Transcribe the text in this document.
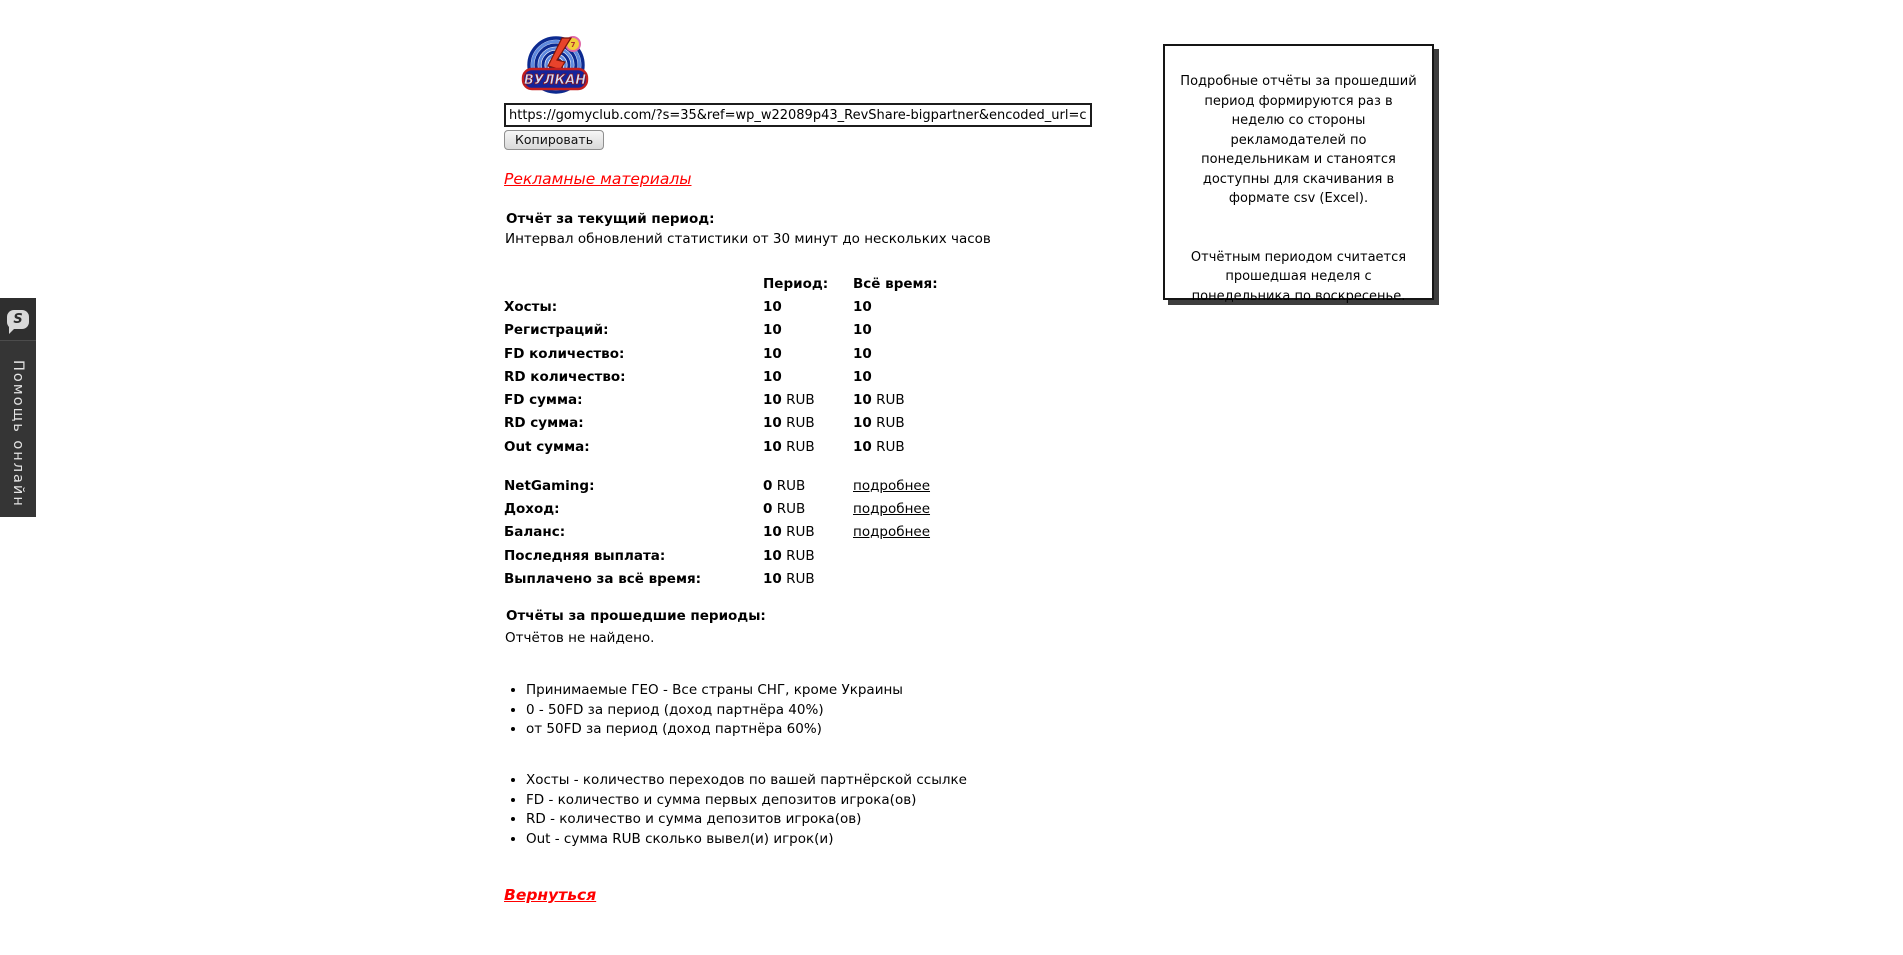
7
ВУЛКАН
https://gomyclub.com/?s=35&ref=wp_w22089p43_RevShare-bigpartner&encoded_url=cmVnaXN
Копировать
Рекламные материалы
Отчёт за текущий период:
Интервал обновлений статистики от 30 минут до нескольких часов
Период:	Всё время:
Хосты:	10	10
Регистраций:	10	10
FD количество:	10	10
RD количество:	10	10
FD сумма:	10 RUB	10 RUB
RD сумма:	10 RUB	10 RUB
Out сумма:	10 RUB	10 RUB
NetGaming:	0 RUB	подробнее
Доход:	0 RUB	подробнее
Баланс:	10 RUB	подробнее
Последняя выплата:	10 RUB
Выплачено за всё время:	10 RUB
Отчёты за прошедшие периоды:
Отчётов не найдено.
• Принимаемые ГЕО - Все страны СНГ, кроме Украины
• 0 - 50FD за период (доход партнёра 40%)
• от 50FD за период (доход партнёра 60%)
• Хосты - количество переходов по вашей партнёрской ссылке
• FD - количество и сумма первых депозитов игрока(ов)
• RD - количество и сумма депозитов игрока(ов)
• Out - сумма RUB сколько вывел(и) игрок(и)
Вернуться

Подробные отчёты за прошедший период формируются раз в неделю со стороны рекламодателей по понедельникам и станоятся доступны для скачивания в формате csv (Excel).

Отчётным периодом считается прошедшая неделя с понедельника по воскресенье.

S
Помощь онлайн
